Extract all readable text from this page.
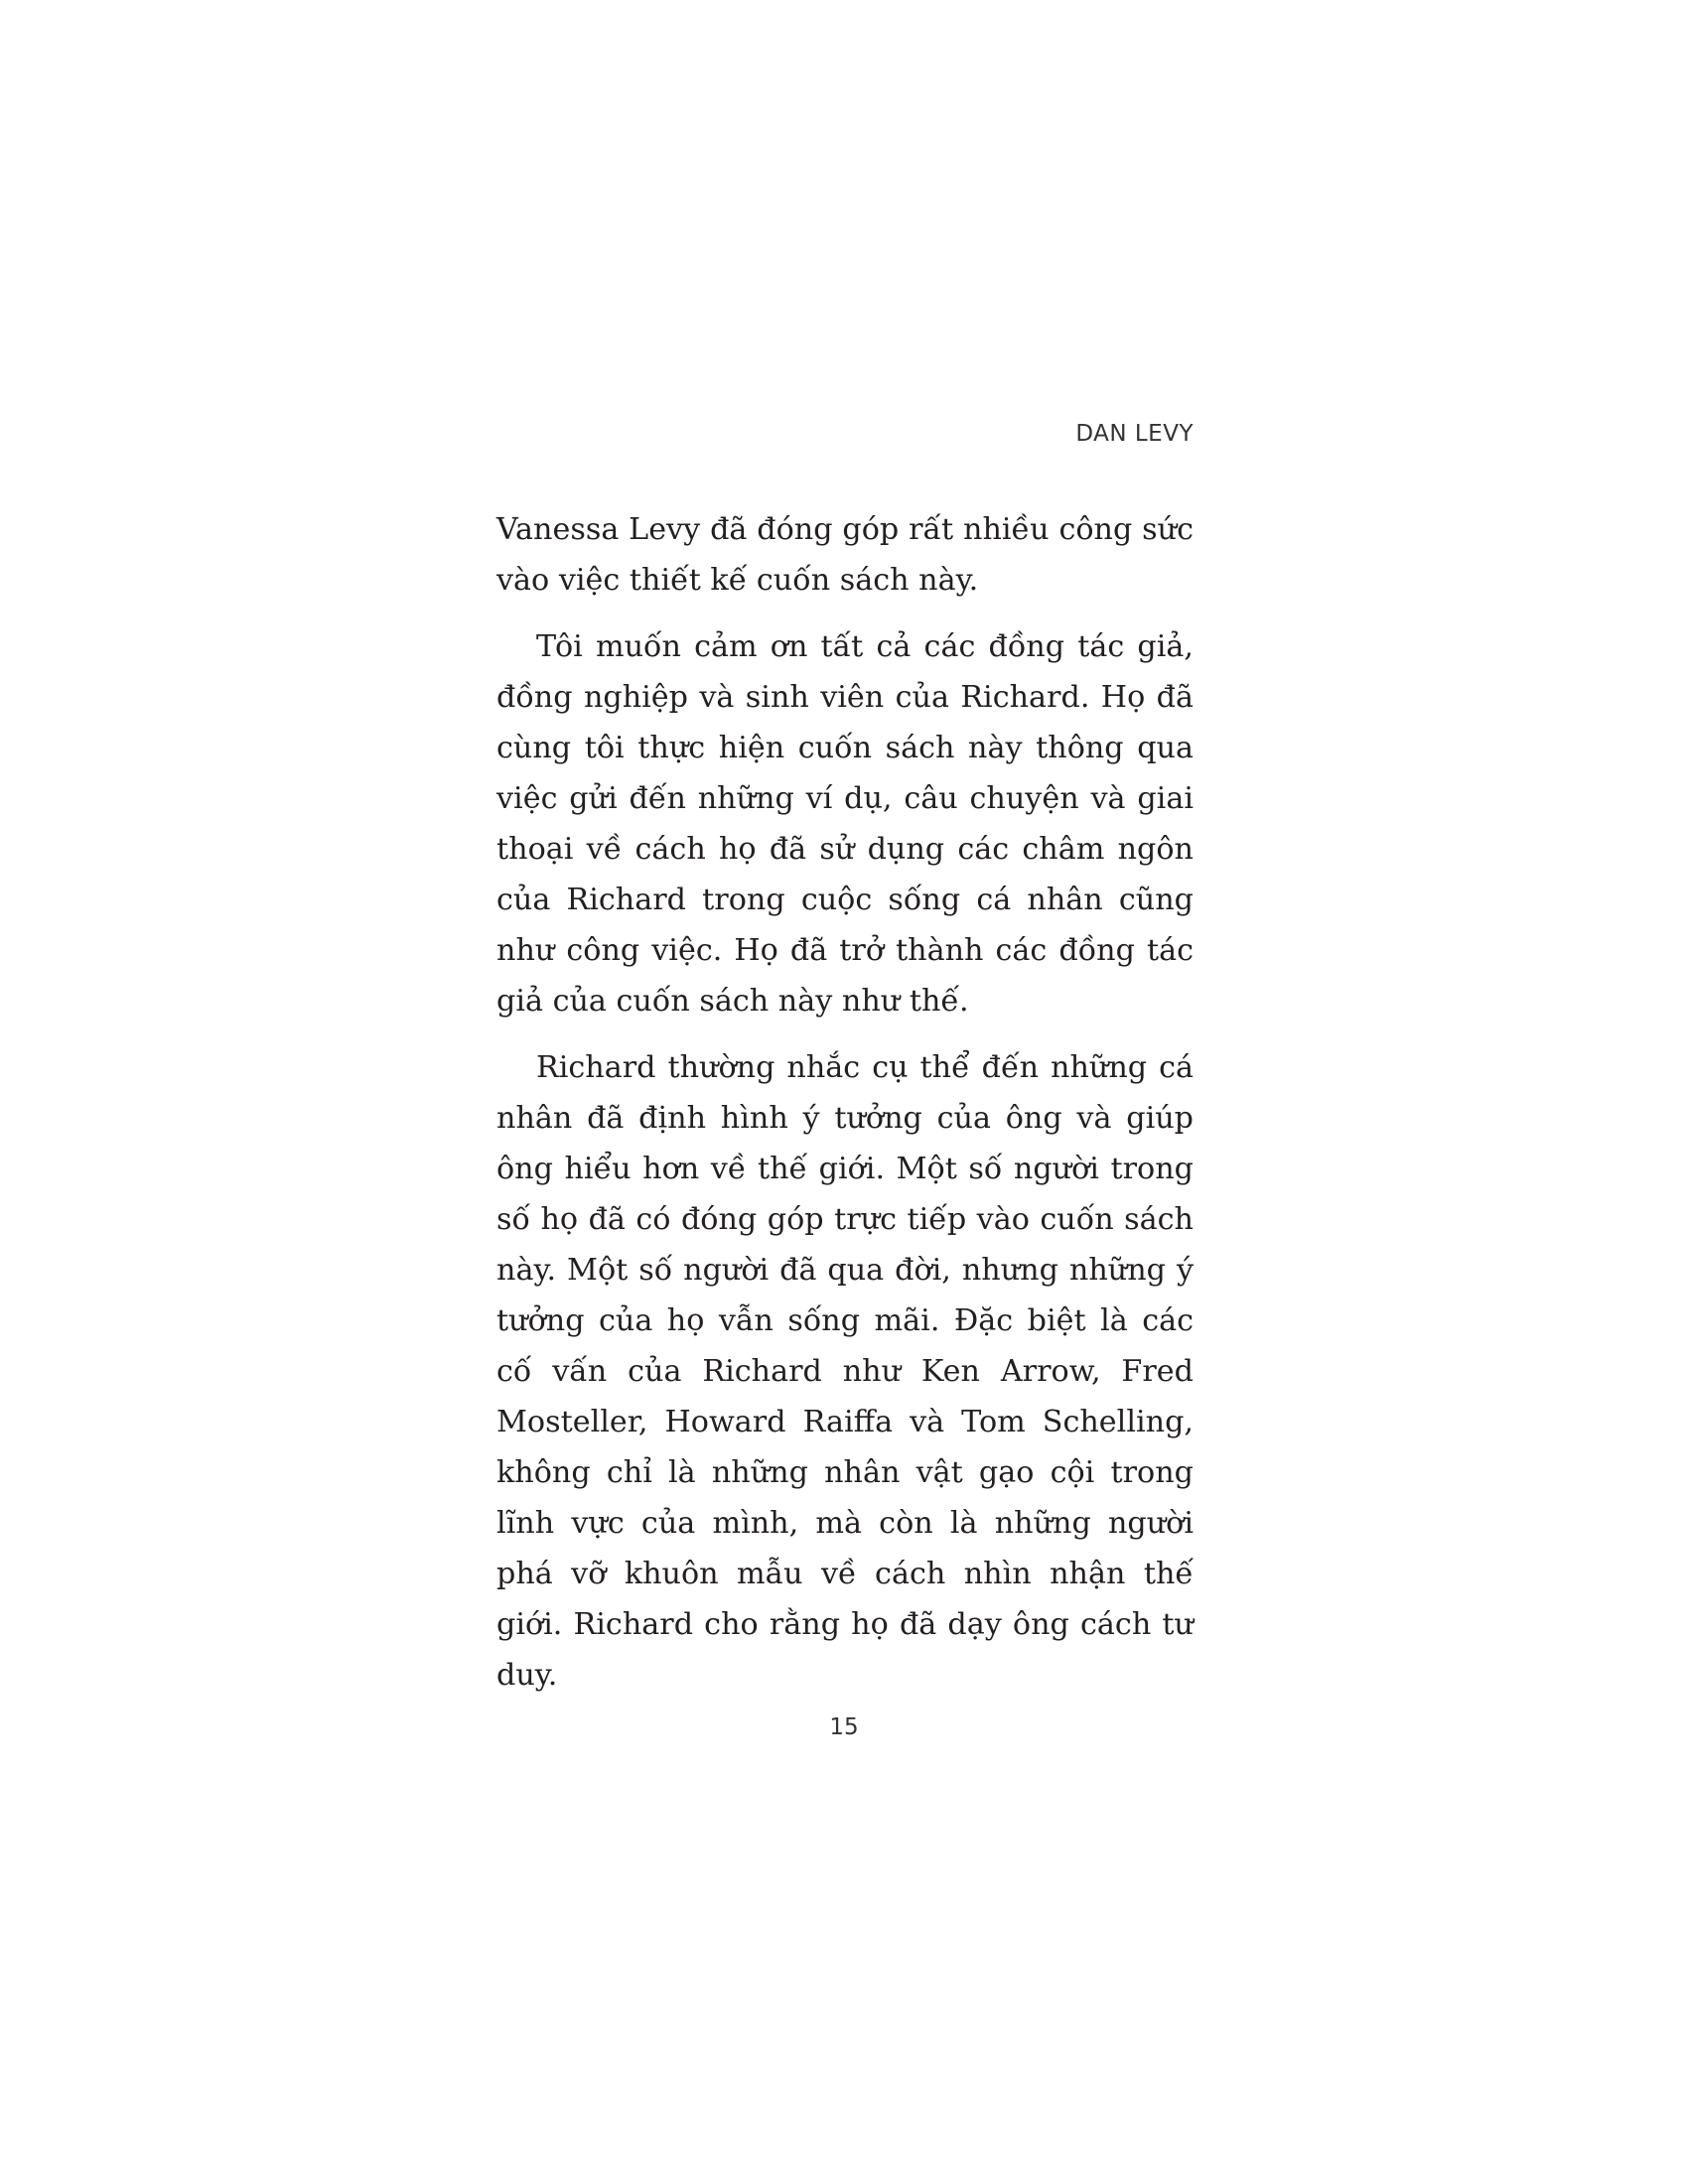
DAN LEVY

Vanessa Levy đã đóng góp rất nhiều công sức vào việc thiết kế cuốn sách này.

Tôi muốn cảm ơn tất cả các đồng tác giả, đồng nghiệp và sinh viên của Richard. Họ đã cùng tôi thực hiện cuốn sách này thông qua việc gửi đến những ví dụ, câu chuyện và giai thoại về cách họ đã sử dụng các châm ngôn của Richard trong cuộc sống cá nhân cũng như công việc. Họ đã trở thành các đồng tác giả của cuốn sách này như thế.

Richard thường nhắc cụ thể đến những cá nhân đã định hình ý tưởng của ông và giúp ông hiểu hơn về thế giới. Một số người trong số họ đã có đóng góp trực tiếp vào cuốn sách này. Một số người đã qua đời, nhưng những ý tưởng của họ vẫn sống mãi. Đặc biệt là các cố vấn của Richard như Ken Arrow, Fred Mosteller, Howard Raiffa và Tom Schelling, không chỉ là những nhân vật gạo cội trong lĩnh vực của mình, mà còn là những người phá vỡ khuôn mẫu về cách nhìn nhận thế giới. Richard cho rằng họ đã dạy ông cách tư duy.

15
